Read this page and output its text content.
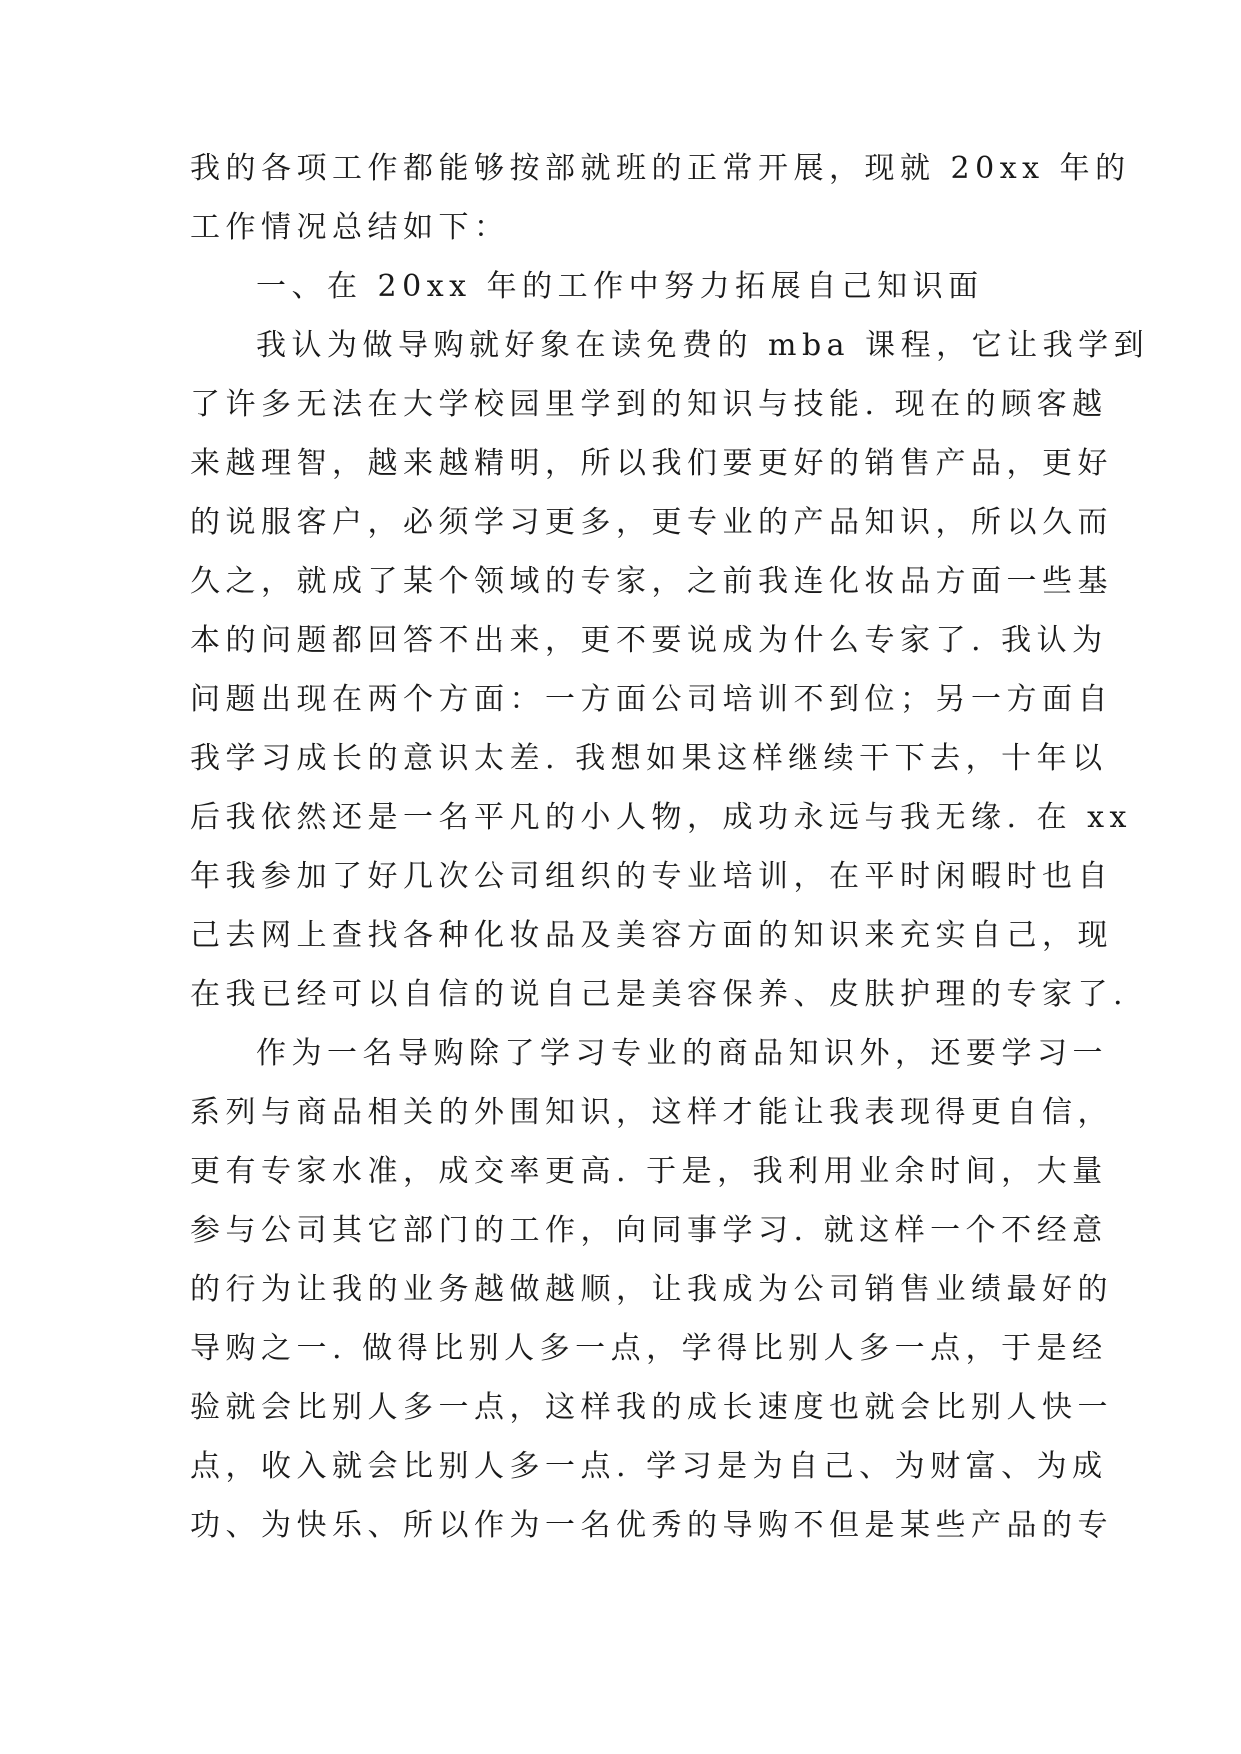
我的各项工作都能够按部就班的正常开展，现就 20xx 年的
工作情况总结如下：
一、在 20xx 年的工作中努力拓展自己知识面
我认为做导购就好象在读免费的 mba 课程，它让我学到
了许多无法在大学校园里学到的知识与技能. 现在的顾客越
来越理智，越来越精明，所以我们要更好的销售产品，更好
的说服客户，必须学习更多，更专业的产品知识，所以久而
久之，就成了某个领域的专家，之前我连化妆品方面一些基
本的问题都回答不出来，更不要说成为什么专家了. 我认为
问题出现在两个方面：一方面公司培训不到位；另一方面自
我学习成长的意识太差. 我想如果这样继续干下去，十年以
后我依然还是一名平凡的小人物，成功永远与我无缘. 在 xx
年我参加了好几次公司组织的专业培训，在平时闲暇时也自
己去网上查找各种化妆品及美容方面的知识来充实自己，现
在我已经可以自信的说自己是美容保养、皮肤护理的专家了.
作为一名导购除了学习专业的商品知识外，还要学习一
系列与商品相关的外围知识，这样才能让我表现得更自信，
更有专家水准，成交率更高. 于是，我利用业余时间，大量
参与公司其它部门的工作，向同事学习. 就这样一个不经意
的行为让我的业务越做越顺，让我成为公司销售业绩最好的
导购之一. 做得比别人多一点，学得比别人多一点，于是经
验就会比别人多一点，这样我的成长速度也就会比别人快一
点，收入就会比别人多一点. 学习是为自己、为财富、为成
功、为快乐、所以作为一名优秀的导购不但是某些产品的专
